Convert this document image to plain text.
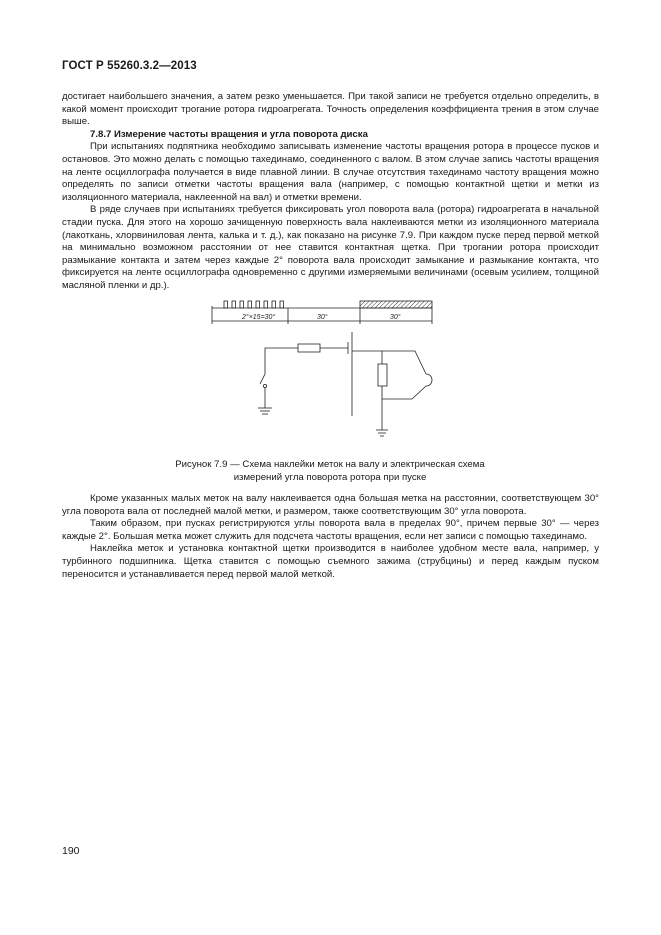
ГОСТ Р 55260.3.2—2013

достигает наибольшего значения, а затем резко уменьшается. При такой записи не требуется отдельно определить, в какой момент происходит трогание ротора гидроагрегата. Точность определения коэффициента трения в этом случае выше.

7.8.7 Измерение частоты вращения и угла поворота диска

При испытаниях подпятника необходимо записывать изменение частоты вращения ротора в процессе пусков и остановов. Это можно делать с помощью тахединамо, соединенного с валом. В этом случае запись частоты вращения на ленте осциллографа получается в виде плавной линии. В случае отсутствия тахединамо частоту вращения можно определять по записи отметки частоты вращения вала (например, с помощью контактной щетки и метки из изоляционного материала, наклеенной на вал) и отметки времени.

В ряде случаев при испытаниях требуется фиксировать угол поворота вала (ротора) гидроагрегата в начальной стадии пуска. Для этого на хорошо зачищенную поверхность вала наклеиваются метки из изоляционного материала (лакоткань, хлорвиниловая лента, калька и т. д.), как показано на рисунке 7.9. При каждом пуске перед первой меткой на минимально возможном расстоянии от нее ставится контактная щетка. При трогании ротора происходит размыкание контакта и затем через каждые 2° поворота вала происходит замыкание и размыкание контакта, что фиксируется на ленте осциллографа одновременно с другими измеряемыми величинами (осевым усилием, толщиной масляной пленки и др.).

2°×15=30°	30°	30°
Рисунок 7.9 — Схема наклейки меток на валу и электрическая схема
измерений угла поворота ротора при пуске

Кроме указанных малых меток на валу наклеивается одна большая метка на расстоянии, соответствующем 30° угла поворота вала от последней малой метки, и размером, также соответствующим 30° угла поворота.

Таким образом, при пусках регистрируются углы поворота вала в пределах 90°, причем первые 30° — через каждые 2°. Большая метка может служить для подсчета частоты вращения, если нет записи с помощью тахединамо.

Наклейка меток и установка контактной щетки производится в наиболее удобном месте вала, например, у турбинного подшипника. Щетка ставится с помощью съемного зажима (струбцины) и перед каждым пуском переносится и устанавливается перед первой малой меткой.

190
